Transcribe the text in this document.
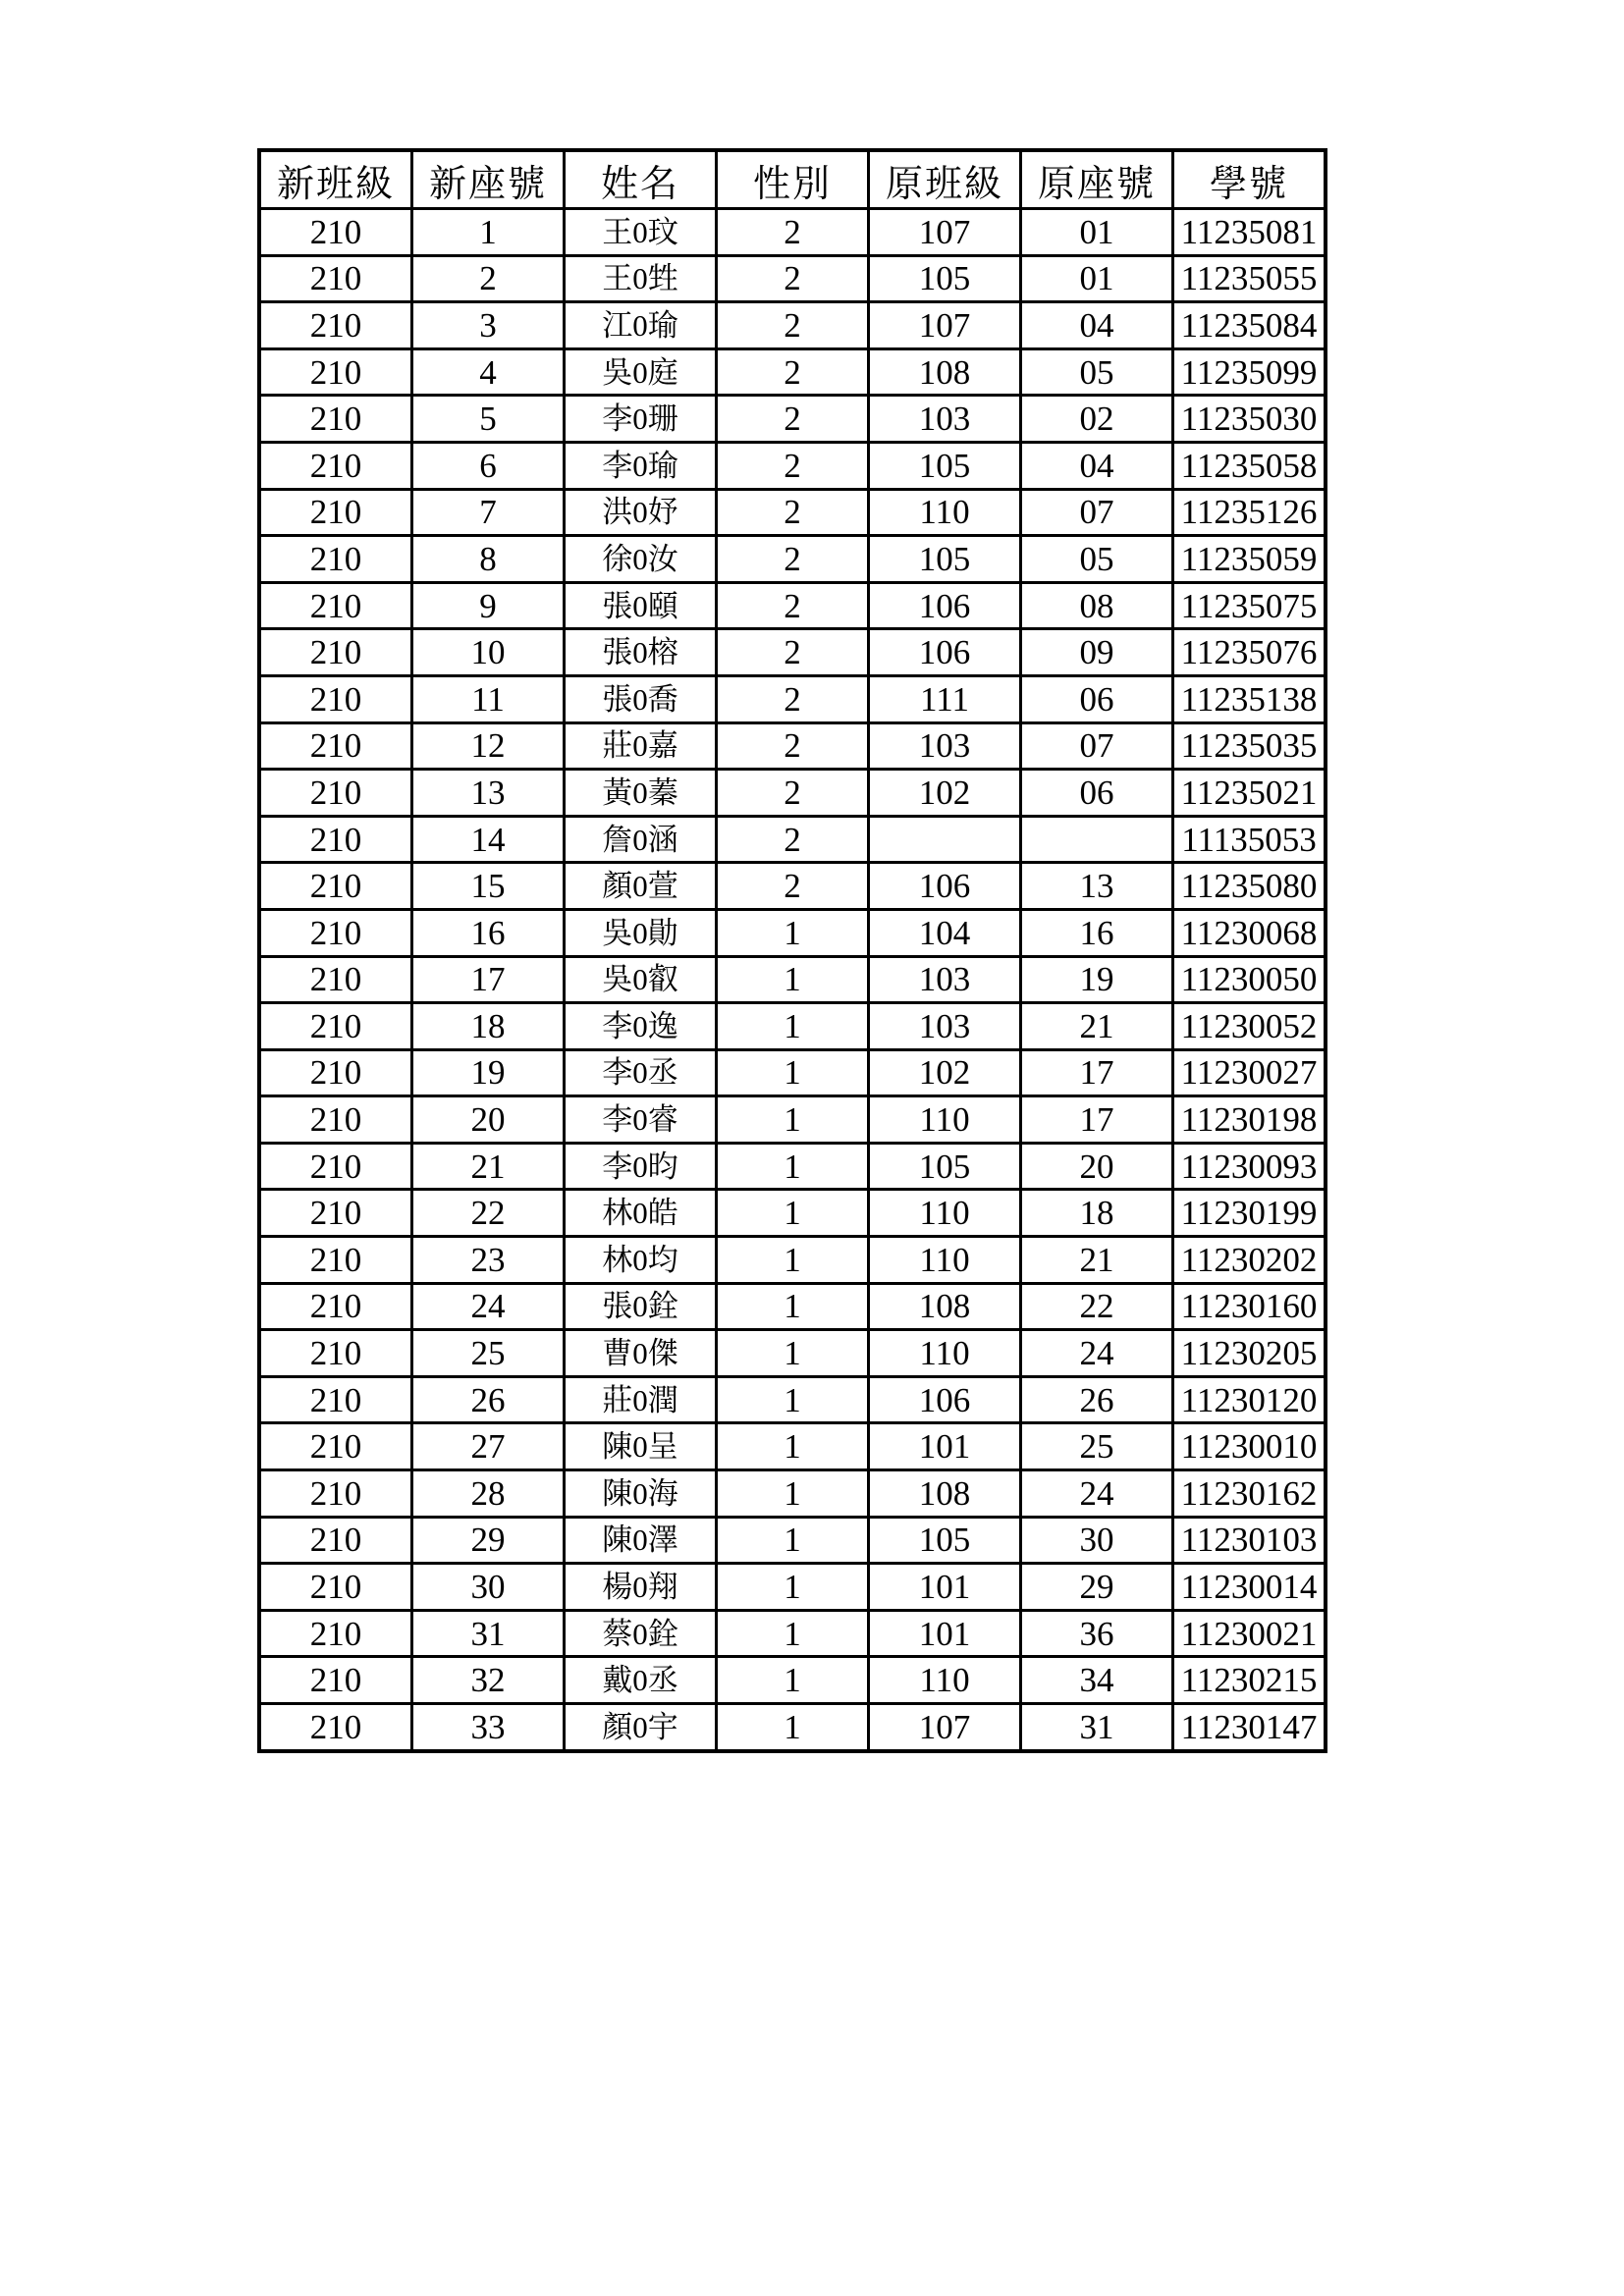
新班級	新座號	姓名	性別	原班級	原座號	學號
210	1	王0玟	2	107	01	11235081
210	2	王0甡	2	105	01	11235055
210	3	江0瑜	2	107	04	11235084
210	4	吳0庭	2	108	05	11235099
210	5	李0珊	2	103	02	11235030
210	6	李0瑜	2	105	04	11235058
210	7	洪0妤	2	110	07	11235126
210	8	徐0汝	2	105	05	11235059
210	9	張0頤	2	106	08	11235075
210	10	張0榕	2	106	09	11235076
210	11	張0喬	2	111	06	11235138
210	12	莊0嘉	2	103	07	11235035
210	13	黃0蓁	2	102	06	11235021
210	14	詹0涵	2			11135053
210	15	顏0萱	2	106	13	11235080
210	16	吳0勛	1	104	16	11230068
210	17	吳0叡	1	103	19	11230050
210	18	李0逸	1	103	21	11230052
210	19	李0丞	1	102	17	11230027
210	20	李0睿	1	110	17	11230198
210	21	李0昀	1	105	20	11230093
210	22	林0皓	1	110	18	11230199
210	23	林0均	1	110	21	11230202
210	24	張0銓	1	108	22	11230160
210	25	曹0傑	1	110	24	11230205
210	26	莊0潤	1	106	26	11230120
210	27	陳0呈	1	101	25	11230010
210	28	陳0海	1	108	24	11230162
210	29	陳0澤	1	105	30	11230103
210	30	楊0翔	1	101	29	11230014
210	31	蔡0銓	1	101	36	11230021
210	32	戴0丞	1	110	34	11230215
210	33	顏0宇	1	107	31	11230147
